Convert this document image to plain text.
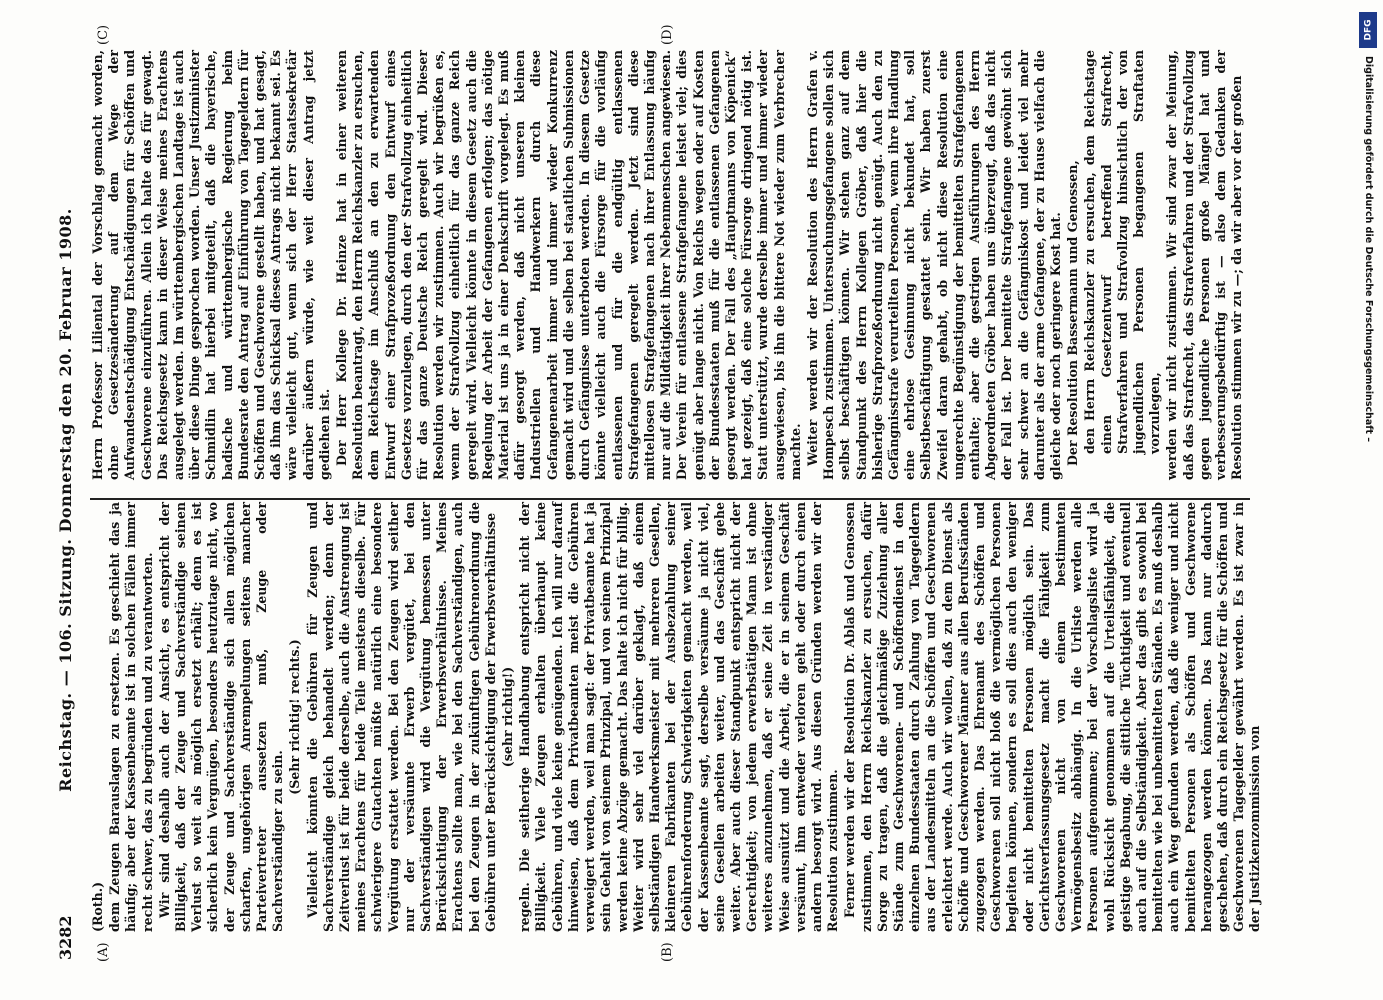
3282
Reichstag. — 106. Sitzung. Donnerstag den 20. Februar 1908.
(A)	(B)
(C)	(D)

(Roth.) dem Zeugen Barauslagen zu ersetzen. Es geschieht das ja häufig; aber der Kassenbeamte ist in solchen Fällen immer recht schwer, das zu begründen und zu verantworten. Wir sind deshalb auch der Ansicht, es entspricht der Billigkeit, daß der Zeuge und Sachverständige seinen Verlust so weit als möglich ersetzt erhält; denn es ist sicherlich kein Vergnügen, besonders heutzutage nicht, wo der Zeuge und Sachverständige sich allen möglichen scharfen, ungehörigen Anrempelungen seitens mancher Parteivertreter aussetzen muß, Zeuge oder Sachverständiger zu sein.

(Sehr richtig! rechts.) Vielleicht könnten die Gebühren für Zeugen und Sachverständige gleich behandelt werden; denn der Zeitverlust ist für beide derselbe, auch die Anstrengung ist meines Erachtens für beide Teile meistens dieselbe. Für schwierigere Gutachten müßte natürlich eine besondere Vergütung erstattet werden. Bei den Zeugen wird seither nur der versäumte Erwerb vergütet, bei den Sachverständigen wird die Vergütung bemessen unter Berücksichtigung der Erwerbsverhältnisse. Meines Erachtens sollte man, wie bei den Sachverständigen, auch bei den Zeugen in der zukünftigen Gebührenordnung die Gebühren unter Berücksichtigung der Erwerbsverhältnisse (sehr richtig!) regeln. Die seitherige Handhabung entspricht nicht der Billigkeit. Viele Zeugen erhalten überhaupt keine Gebühren, und viele keine genügenden. Ich will nur darauf hinweisen, daß dem Privatbeamten meist die Gebühren verweigert werden, weil man sagt: der Privatbeamte hat ja sein Gehalt von seinem Prinzipal, und von seinem Prinzipal werden keine Abzüge gemacht. Das halte ich nicht für billig. Weiter wird sehr viel darüber geklagt, daß einem selbständigen Handwerksmeister mit mehreren Gesellen, kleineren Fabrikanten bei der Ausbezahlung seiner Gebührenforderung Schwierigkeiten gemacht werden, weil der Kassenbeamte sagt, derselbe versäume ja nicht viel, seine Gesellen arbeiten weiter, und das Geschäft gehe weiter. Aber auch dieser Standpunkt entspricht nicht der Gerechtigkeit; von jedem erwerbstätigen Mann ist ohne weiteres anzunehmen, daß er seine Zeit in verständiger Weise ausnützt und die Arbeit, die er in seinem Geschäft versäumt, ihm entweder verloren geht oder durch einen andern besorgt wird. Aus diesen Gründen werden wir der Resolution zustimmen. Ferner werden wir der Resolution Dr. Ablaß und Genossen zustimmen, den Herrn Reichskanzler zu ersuchen, dafür Sorge zu tragen, daß die gleichmäßige Zuziehung aller Stände zum Geschworenen- und Schöffendienst in den einzelnen Bundesstaaten durch Zahlung von Tagegeldern aus der Landesmitteln an die Schöffen und Geschworenen erleichtert werde. Auch wir wollen, daß zu dem Dienst als Schöffe und Geschworener Männer aus allen Berufsständen zugezogen werden. Das Ehrenamt des Schöffen und Geschworenen soll nicht bloß die vermöglichen Personen begleiten können, sondern es soll dies auch den weniger oder nicht bemittelten Personen möglich sein. Das Gerichtsverfassungsgesetz macht die Fähigkeit zum Geschworenen nicht von einem bestimmten Vermögensbesitz abhängig. In die Urliste werden alle Personen aufgenommen; bei der Vorschlagsliste wird ja wohl Rücksicht genommen auf die Urteilsfähigkeit, die geistige Begabung, die sittliche Tüchtigkeit und eventuell auch auf die Selbständigkeit. Aber das gibt es sowohl bei bemittelten wie bei unbemittelten Ständen. Es muß deshalb auch ein Weg gefunden werden, daß die weniger und nicht bemittelten Personen als Schöffen und Geschworene herangezogen werden können. Das kann nur dadurch geschehen, daß durch ein Reichsgesetz für die Schöffen und Geschworenen Tagegelder gewährt werden. Es ist zwar in der Justizkenzommission von

Herrn Professor Liliental der Vorschlag gemacht worden, ohne Gesetzesänderung auf dem Wege der Aufwandsentschädigung Entschädigungen für Schöffen und Geschworene einzuführen. Allein ich halte das für gewagt. Das Reichsgesetz kann in dieser Weise meines Erachtens ausgelegt werden. Im württembergischen Landtage ist auch über diese Dinge gesprochen worden. Unser Justizminister Schmidlin hat hierbei mitgeteilt, daß die bayerische, badische und württembergische Regierung beim Bundesrate den Antrag auf Einführung von Tagegeldern für Schöffen und Geschworene gestellt haben, und hat gesagt, daß ihm das Schicksal dieses Antrags nicht bekannt sei. Es wäre vielleicht gut, wenn sich der Herr Staatssekretär darüber äußern würde, wie weit dieser Antrag jetzt gediehen ist. Der Herr Kollege Dr. Heinze hat in einer weiteren Resolution beantragt, den Herrn Reichskanzler zu ersuchen, dem Reichstage im Anschluß an den zu erwartenden Entwurf einer Strafprozeßordnung den Entwurf eines Gesetzes vorzulegen, durch den der Strafvollzug einheitlich für das ganze Deutsche Reich geregelt wird. Dieser Resolution werden wir zustimmen. Auch wir begrüßen es, wenn der Strafvollzug einheitlich für das ganze Reich geregelt wird. Vielleicht könnte in diesem Gesetz auch die Regelung der Arbeit der Gefangenen erfolgen; das nötige Material ist uns ja in einer Denkschrift vorgelegt. Es muß dafür gesorgt werden, daß nicht unseren kleinen Industriellen und Handwerkern durch diese Gefangenenarbeit immer und immer wieder Konkurrenz gemacht wird und die selben bei staatlichen Submissionen durch Gefängnisse unterboten werden. In diesem Gesetze könnte vielleicht auch die Fürsorge für die vorläufig entlassenen und für die endgültig entlassenen Strafgefangenen geregelt werden. Jetzt sind diese mittellosen Strafgefangenen nach ihrer Entlassung häufig nur auf die Mildtätigkeit ihrer Nebenmenschen angewiesen. Der Verein für entlassene Strafgefangene leistet viel; dies genügt aber lange nicht. Von Reichs wegen oder auf Kosten der Bundesstaaten muß für die entlassenen Gefangenen gesorgt werden. Der Fall des „Hauptmanns von Köpenick“ hat gezeigt, daß eine solche Fürsorge dringend nötig ist. Statt unterstützt, wurde derselbe immer und immer wieder ausgewiesen, bis ihn die bittere Not wieder zum Verbrecher machte. Weiter werden wir der Resolution des Herrn Grafen v. Hompesch zustimmen. Untersuchungsgefangene sollen sich selbst beschäftigen können. Wir stehen ganz auf dem Standpunkt des Herrn Kollegen Gröber, daß hier die bisherige Strafprozeßordnung nicht genügt. Auch den zu Gefängnisstrafe verurteilten Personen, wenn ihre Handlung eine ehrlose Gesinnung nicht bekundet hat, soll Selbstbeschäftigung gestattet sein. Wir haben zuerst Zweifel daran gehabt, ob nicht diese Resolution eine ungerechte Begünstigung der bemittelten Strafgefangenen enthalte; aber die gestrigen Ausführungen des Herrn Abgeordneten Gröber haben uns überzeugt, daß das nicht der Fall ist. Der bemittelte Strafgefangene gewöhnt sich sehr schwer an die Gefängniskost und leidet viel mehr darunter als der arme Gefangene, der zu Hause vielfach die gleiche oder noch geringere Kost hat. Der Resolution Bassermann und Genossen, den Herrn Reichskanzler zu ersuchen, dem Reichstage einen Gesetzentwurf betreffend Strafrecht, Strafverfahren und Strafvollzug hinsichtlich der von jugendlichen Personen begangenen Straftaten vorzulegen, werden wir nicht zustimmen. Wir sind zwar der Meinung, daß das Strafrecht, das Strafverfahren und der Strafvollzug gegen jugendliche Personen große Mängel hat und verbesserungsbedürftig ist — also dem Gedanken der Resolution stimmen wir zu —; da wir aber vor der großen

DFG
Digitalisierung gefördert durch die Deutsche Forschungsgemeinschaft –
